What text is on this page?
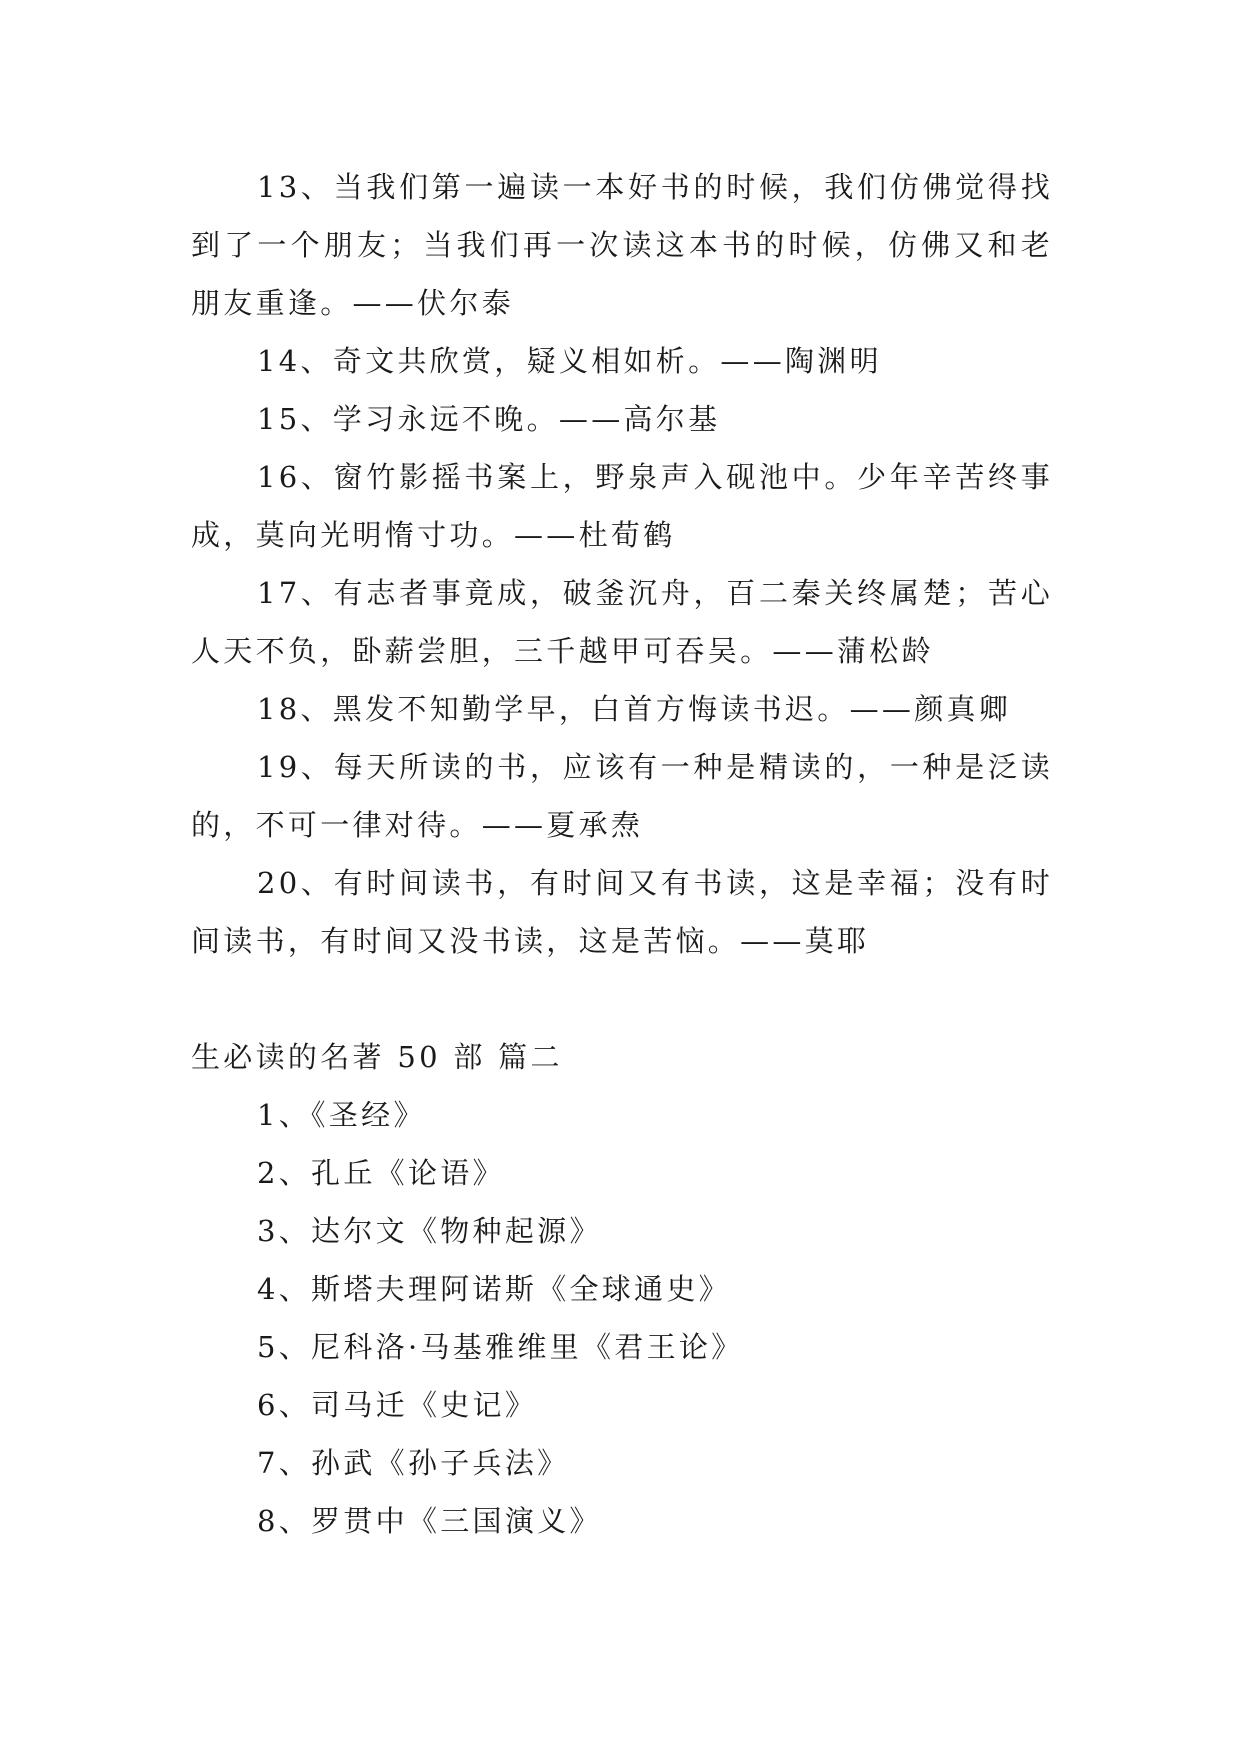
13、当我们第一遍读一本好书的时候，我们仿佛觉得找到了一个朋友；当我们再一次读这本书的时候，仿佛又和老朋友重逢。——伏尔泰

14、奇文共欣赏，疑义相如析。——陶渊明

15、学习永远不晚。——高尔基

16、窗竹影摇书案上，野泉声入砚池中。少年辛苦终事成，莫向光明惰寸功。——杜荀鹤

17、有志者事竟成，破釜沉舟，百二秦关终属楚；苦心人天不负，卧薪尝胆，三千越甲可吞吴。——蒲松龄

18、黑发不知勤学早，白首方悔读书迟。——颜真卿

19、每天所读的书，应该有一种是精读的，一种是泛读的，不可一律对待。——夏承焘

20、有时间读书，有时间又有书读，这是幸福；没有时间读书，有时间又没书读，这是苦恼。——莫耶

生必读的名著 50 部 篇二

1、《圣经》
2、孔丘《论语》
3、达尔文《物种起源》
4、斯塔夫理阿诺斯《全球通史》
5、尼科洛·马基雅维里《君王论》
6、司马迁《史记》
7、孙武《孙子兵法》
8、罗贯中《三国演义》
